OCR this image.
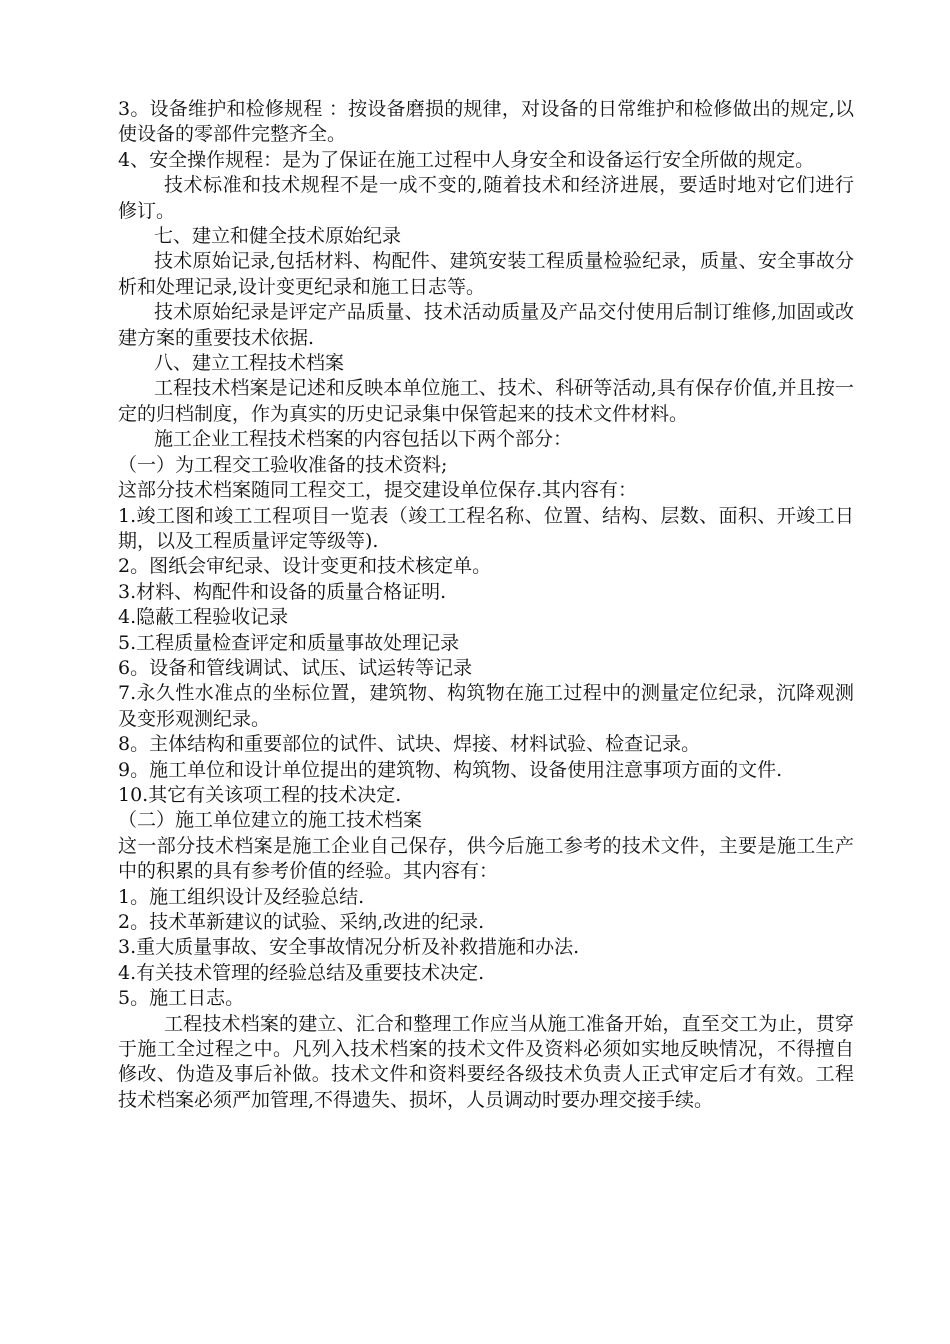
3。设备维护和检修规程 ：按设备磨损的规律，对设备的日常维护和检修做出的规定,以使设备的零部件完整齐全。

4、安全操作规程：是为了保证在施工过程中人身安全和设备运行安全所做的规定。

技术标准和技术规程不是一成不变的,随着技术和经济进展，要适时地对它们进行修订。

七、建立和健全技术原始纪录

技术原始记录,包括材料、构配件、建筑安装工程质量检验纪录，质量、安全事故分析和处理记录,设计变更纪录和施工日志等。

技术原始纪录是评定产品质量、技术活动质量及产品交付使用后制订维修,加固或改建方案的重要技术依据.

八、建立工程技术档案

工程技术档案是记述和反映本单位施工、技术、科研等活动,具有保存价值,并且按一定的归档制度，作为真实的历史记录集中保管起来的技术文件材料。

施工企业工程技术档案的内容包括以下两个部分：

（一）为工程交工验收准备的技术资料;

这部分技术档案随同工程交工，提交建设单位保存.其内容有：

1.竣工图和竣工工程项目一览表（竣工工程名称、位置、结构、层数、面积、开竣工日期，以及工程质量评定等级等).

2。图纸会审纪录、设计变更和技术核定单。

3.材料、构配件和设备的质量合格证明.

4.隐蔽工程验收记录

5.工程质量检查评定和质量事故处理记录

6。设备和管线调试、试压、试运转等记录

7.永久性水准点的坐标位置，建筑物、构筑物在施工过程中的测量定位纪录，沉降观测及变形观测纪录。

8。主体结构和重要部位的试件、试块、焊接、材料试验、检查记录。

9。施工单位和设计单位提出的建筑物、构筑物、设备使用注意事项方面的文件.

10.其它有关该项工程的技术决定.

（二）施工单位建立的施工技术档案

这一部分技术档案是施工企业自己保存，供今后施工参考的技术文件，主要是施工生产中的积累的具有参考价值的经验。其内容有：

1。施工组织设计及经验总结.

2。技术革新建议的试验、采纳,改进的纪录.

3.重大质量事故、安全事故情况分析及补救措施和办法.

4.有关技术管理的经验总结及重要技术决定.

5。施工日志。

工程技术档案的建立、汇合和整理工作应当从施工准备开始，直至交工为止，贯穿于施工全过程之中。凡列入技术档案的技术文件及资料必须如实地反映情况，不得擅自修改、伪造及事后补做。技术文件和资料要经各级技术负责人正式审定后才有效。工程技术档案必须严加管理,不得遗失、损坏，人员调动时要办理交接手续。
